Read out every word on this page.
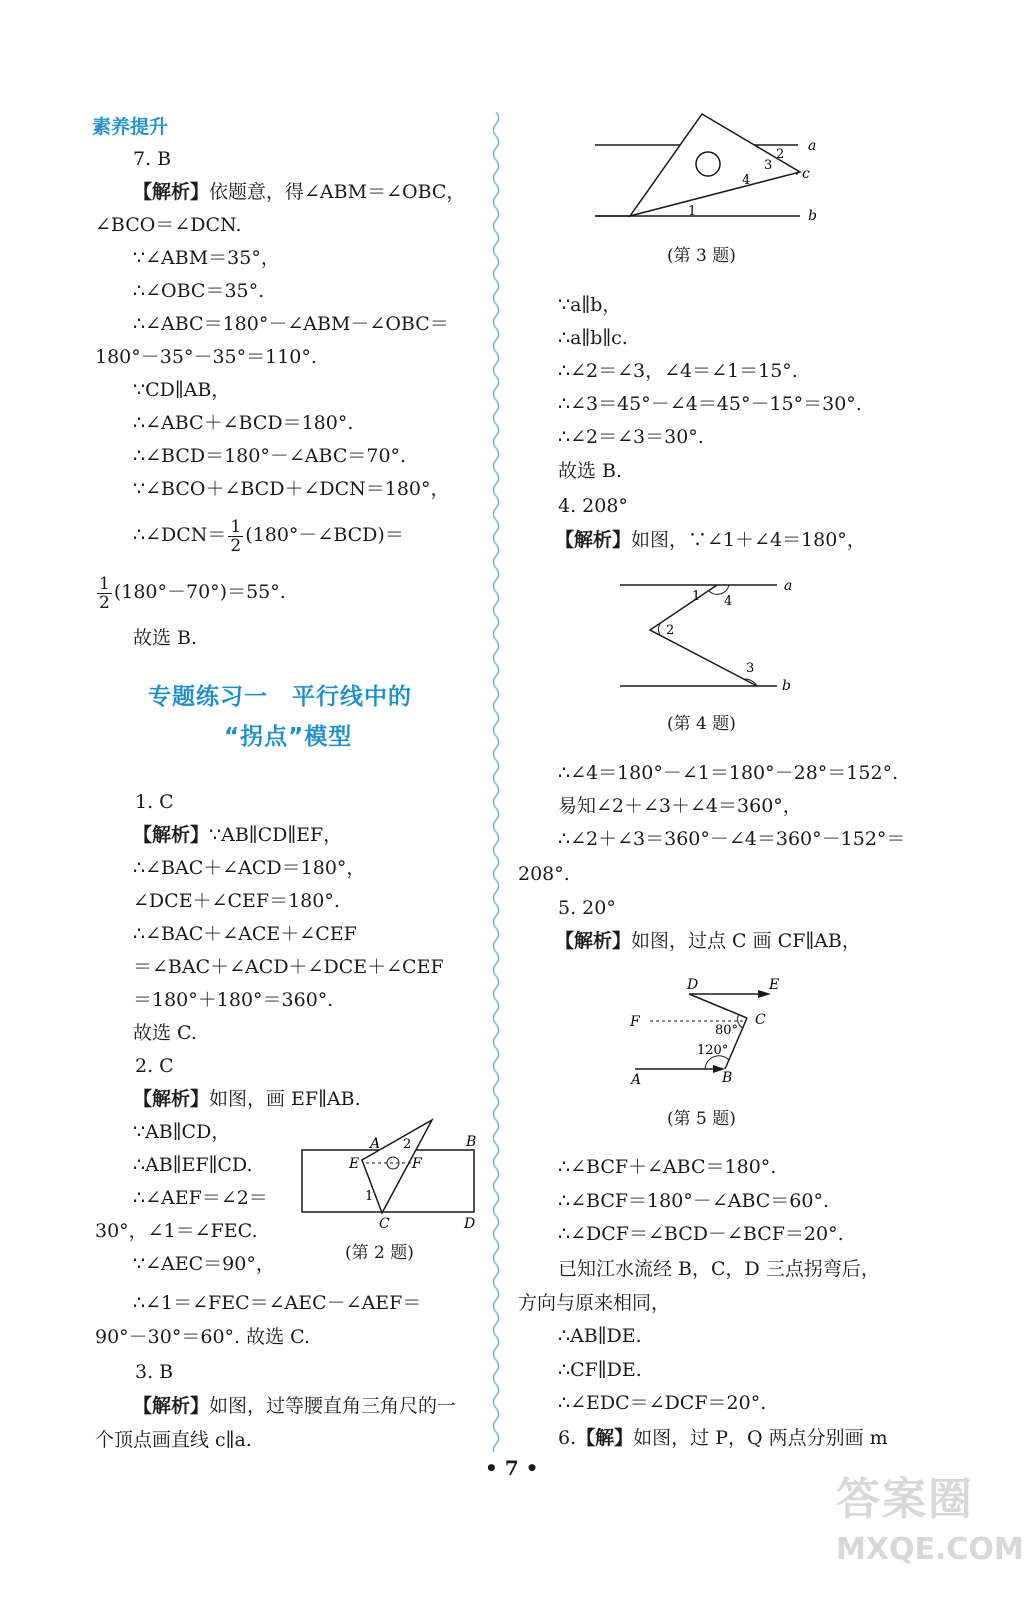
素养提升
7. B
【解析】依题意，得∠ABM＝∠OBC，
∠BCO＝∠DCN.
∵∠ABM＝35°，
∴∠OBC＝35°.
∴∠ABC＝180°－∠ABM－∠OBC＝
180°－35°－35°＝110°.
∵CD∥AB，
∴∠ABC＋∠BCD＝180°.
∴∠BCD＝180°－∠ABC＝70°.
∵∠BCO＋∠BCD＋∠DCN＝180°，
∴∠DCN＝ $\frac{1}{2}$ (180°－∠BCD)＝
$\frac{1}{2} (180^\circ-70^\circ)=55^\circ$.
故选 B.
专题练习一　平行线中的
“拐点”模型
1. C
【解析】∵AB∥CD∥EF，
∴∠BAC＋∠ACD＝180°，
∠DCE＋∠CEF＝180°.
∴∠BAC＋∠ACE＋∠CEF
＝∠BAC＋∠ACD＋∠DCE＋∠CEF
＝180°＋180°＝360°.
故选 C.
2. C
【解析】如图，画 EF∥AB.
∵AB∥CD，
∴AB∥EF∥CD.
∴∠AEF＝∠2＝
30°，∠1＝∠FEC.
∵∠AEC＝90°，
∴∠1＝∠FEC＝∠AEC－∠AEF＝
90°－30°＝60°. 故选 C.
A	B
C	D
E	F
1
2
(第 2 题)
3. B
【解析】如图，过等腰直角三角尺的一
个顶点画直线 c∥a.
a
b
c
1
2
3
4
(第 3 题)
∵a∥b，
∴a∥b∥c.
∴∠2＝∠3，∠4＝∠1＝15°.
∴∠3＝45°－∠4＝45°－15°＝30°.
∴∠2＝∠3＝30°.
故选 B.
4. 208°
【解析】如图，∵∠1＋∠4＝180°，
a
b
1
2
3
4
(第 4 题)
∴∠4＝180°－∠1＝180°－28°＝152°.
易知∠2＋∠3＋∠4＝360°，
∴∠2＋∠3＝360°－∠4＝360°－152°＝
208°.
5. 20°
【解析】如图，过点 C 画 CF∥AB，
D	E
F	C
A	B
80°
120°
(第 5 题)
∴∠BCF＋∠ABC＝180°.
∴∠BCF＝180°－∠ABC＝60°.
∴∠DCF＝∠BCD－∠BCF＝20°.
已知江水流经 B，C，D 三点拐弯后，
方向与原来相同，
∴AB∥DE.
∴CF∥DE.
∴∠EDC＝∠DCF＝20°.
6.【解】如图，过 P，Q 两点分别画 m
• 7 •
答案圈
MXQE.COM
